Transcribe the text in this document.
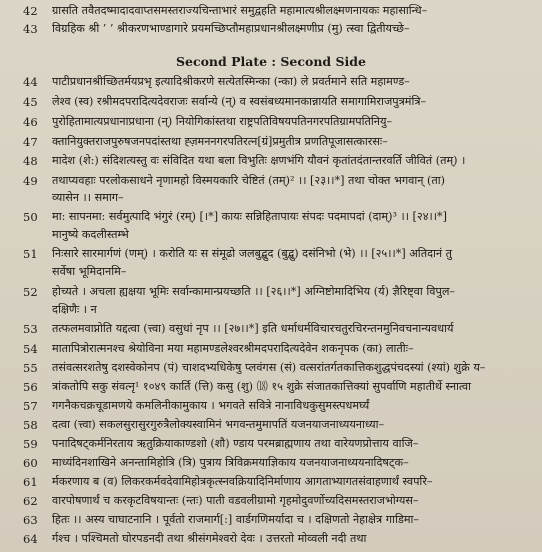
42	ग्रासति तवैतदष्मादादवाप्तसमस्तराज्यचिन्ताभारं समुद्वहति महामात्यश्रीलक्ष्मणनायकः महासान्धि–
43	विग्रहिक श्री ’ ’ श्रीकरणभाण्डागारे प्रयमच्छिप्तौमहाप्रधानश्रीलक्ष्मणीप्र (मु) त्स्वा द्वितीयच्छे–
Second Plate : Second Side
44	पाटीप्रधानश्रीच्छितर्मयप्रभृ इत्यादिश्रीकरणे सत्येतस्मिन्का (न्का) ले प्रवर्तमाने सति महामण्ड–
45	लेश्व (स्व) रश्रीमदपरादित्यदेवराजः सर्वान्ये (न्) व स्वसंबध्यमानकान्नायति समागामिराजपुत्रमंत्रि–
46	पुरोहितामात्यप्रधानाप्रधाना (न्) नियोगिकांस्तथा राष्ट्रपतिविषयपतिनगरपतिग्रामपतिनियु–
47	क्तानियुक्तराजपुरुषजनपदांस्तथा ह्ज़मननगरपतिरत्न[ग्रं]प्रमुतीत्र प्रणतिपूजासत्कारसः–
48	मादेश (शे:) संदिशत्यस्तु वः संविदित यथा बला विभुतिः क्षणभंगि यौवनं कृतांतदंतान्तरवर्ति जीवितं (तम्) ।
49	तथाप्यवहाः परलोकसाधने नृणामहो विस्मयकारि चेष्टितं (तम्)² ।। [२३।।*] तथा चोक्त भगवान् (ता)
व्यासेन ।। समाग–
50	मा: सापनमा: सर्वमुत्पादि भंगुरं (रम्) [।*] कायः सन्निहितापायः संपदः पदमापदां (दाम्)³ ।। [२४।।*]
मानुष्ये कदलीस्तम्भे
51	निःसारे सारमार्गणं (णम्) । करोति यः स संमूढो जलबुद्बुद (बुद्बु) दसंनिभो (भे) ।। [२५।।*] अतिदानं तु
सर्वेषा भूमिदानमि–
52	होच्यते । अचला ह्यक्षया भूमिः सर्वान्कामान्प्रयच्छति ।। [२६।।*] अग्निष्टोमादिभिय (र्य) ज्ञैरिष्ट्वा विपुल–
दक्षिणैः । न
53	तत्फलमवाप्नोति यद्दत्वा (त्त्वा) वसुधां नृप ।। [२७।।*] इति धर्माधर्मविचारचतुरचिरन्तनमुनिवचनान्यवधार्य
54	मातापित्रोरात्मनश्च श्रेयोविना मया महामण्डलेश्वरश्रीमदपरादित्यदेवेन शकनृपक (का) लातीः–
55	तसंवत्सरशतेषु दशस्वेकोनप (पं) चाशदभ्यधिकेषु प्लवंगस (सं) वत्सरांतर्गतकात्तिकशुद्धपंचदस्यां (श्यां) शुक्रे य–
56	त्रांकतोपि सकु संवत्नृ¹ १०४९ कार्ति (त्ति) कसु (शु) ⒅ १५ शुक्रे संजातकात्तिक्यां सुपर्वाणि महातीर्थे स्नात्वा
57	गगनैकचक्रचूडामणये कमलिनीकामुकाय । भगवते सवित्रे नानाविधकुसुमस्त्पधमर्घ्यं
58	दत्वा (त्त्वा) सकलसुरासुरगुरुत्रैलोक्यस्वामिनं भगवन्तमुमापतिं यजनयाजनाध्ययनाध्या–
59	पनादिषट्कर्मनिरताय ऋतुक्रियाकाण्डशो (शौ) ण्डाय परमब्राह्मणाय तथा वारेयणप्रोत्ताय वाजि–
60	माध्यंदिनशाखिने अनन्तामिहोत्रि (त्रि) पुत्राय त्रिविक्रमयाज्ञिकाय यजनयाजनाध्ययनादिषट्क–
61	र्मकरणाय ब (व) लिकरकर्मवदेवामिहोत्रकृत्स्नवक्रियादिनिर्माणाय आगताभ्यागतसंवाहणार्थं स्वपरि–
62	वारपोषणार्थं च करकृटविषयान्तः (न्तः) पाती वडवलीग्रामो गृहमोदुवर्णोच्यदिसमस्तराजभोग्यस–
63	हितः ।। अस्य चाघाटनानि । पूर्वतो राजमार्ग[:] वार्डगणिमर्यादा च । दक्षिणतो नेहाक्षेत्र गाडिमा–
64	र्गश्च । पश्चिमतो घोरपडनदी तथा श्रीसंगमेश्वरो देवः । उत्तरतो मोव्वली नदी तथा
